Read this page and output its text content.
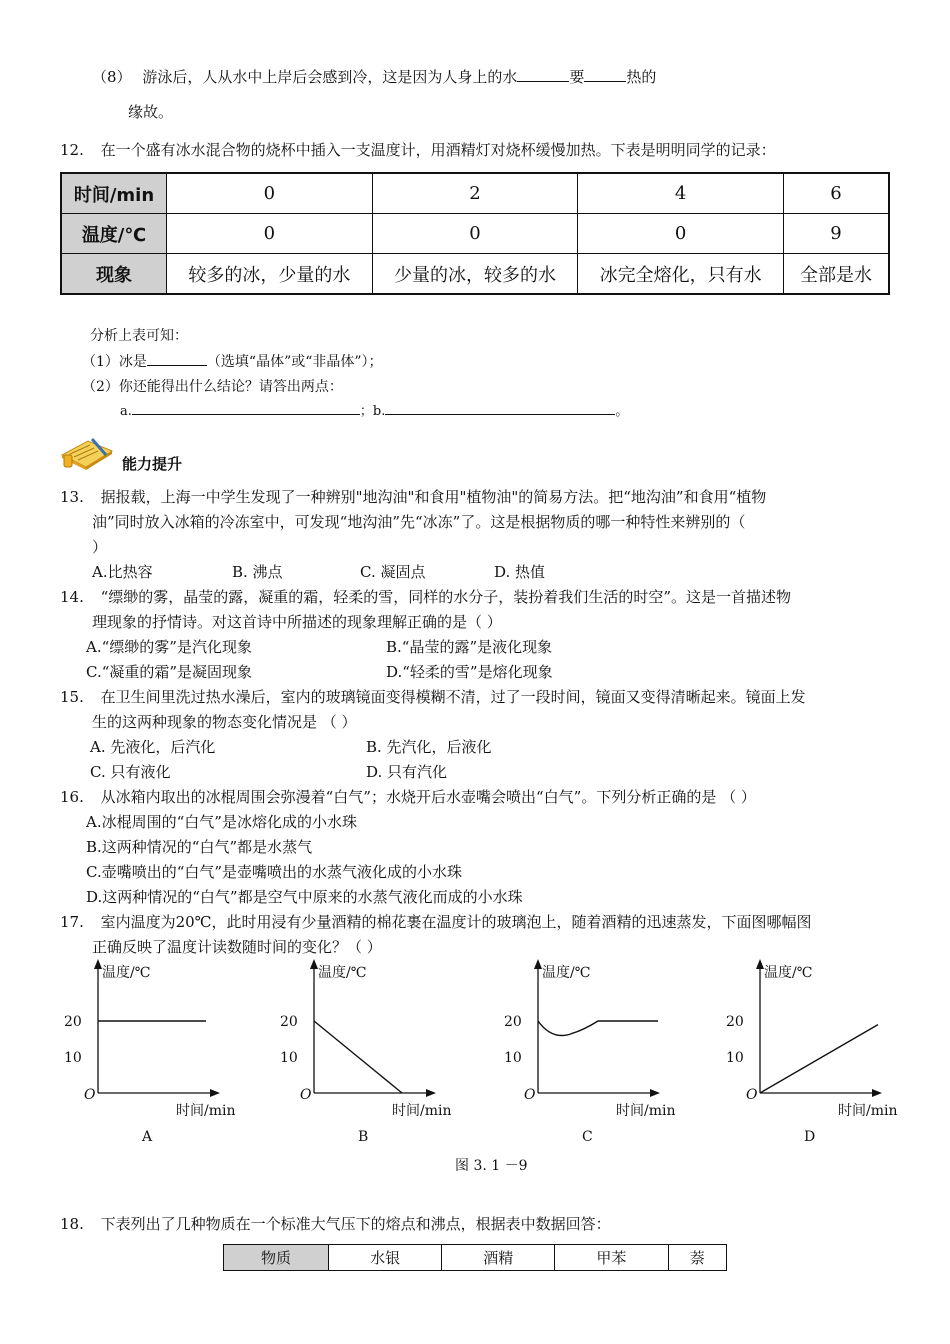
（8） 游泳后，人从水中上岸后会感到冷，这是因为人身上的水	要	热的
缘故。
12. 在一个盛有冰水混合物的烧杯中插入一支温度计，用酒精灯对烧杯缓慢加热。下表是明明同学的记录：
时间/min	0	2	4	6
温度/℃	0	0	0	9
现象	较多的冰，少量的水	少量的冰，较多的水	冰完全熔化，只有水	全部是水
分析上表可知：
（1）冰是	（选填“晶体”或“非晶体”）；
（2）你还能得出什么结论？请答出两点：
a.	；b.	。
能力提升
13. 据报载，上海一中学生发现了一种辨别"地沟油"和食用"植物油"的简易方法。把“地沟油”和食用“植物
油”同时放入冰箱的冷冻室中，可发现“地沟油”先“冰冻”了。这是根据物质的哪一种特性来辨别的（
）
A.比热容	B. 沸点	C. 凝固点	D. 热值
14. “缥缈的雾，晶莹的露，凝重的霜，轻柔的雪，同样的水分子，装扮着我们生活的时空”。这是一首描述物
理现象的抒情诗。对这首诗中所描述的现象理解正确的是（ ）
A.“缥缈的雾”是汽化现象	B.“晶莹的露”是液化现象
C.“凝重的霜”是凝固现象	D.“轻柔的雪”是熔化现象
15. 在卫生间里洗过热水澡后，室内的玻璃镜面变得模糊不清，过了一段时间，镜面又变得清晰起来。镜面上发
生的这两种现象的物态变化情况是 （ ）
A. 先液化，后汽化	B. 先汽化，后液化
C. 只有液化	D. 只有汽化
16. 从冰箱内取出的冰棍周围会弥漫着“白气”；水烧开后水壶嘴会喷出“白气”。下列分析正确的是 （ ）
A.冰棍周围的“白气”是冰熔化成的小水珠
B.这两种情况的“白气”都是水蒸气
C.壶嘴喷出的“白气”是壶嘴喷出的水蒸气液化成的小水珠
D.这两种情况的“白气”都是空气中原来的水蒸气液化而成的小水珠
17. 室内温度为20℃，此时用浸有少量酒精的棉花裹在温度计的玻璃泡上，随着酒精的迅速蒸发，下面图哪幅图
正确反映了温度计读数随时间的变化？（ ）
温度/℃
时间/min
O
20
10
A
温度/℃
时间/min
O
20
10
B
温度/℃
时间/min
O
20
10
C
温度/℃
时间/min
O
20
10
D
图 3. 1 －9
18. 下表列出了几种物质在一个标准大气压下的熔点和沸点，根据表中数据回答：
物质	水银	酒精	甲苯	萘
